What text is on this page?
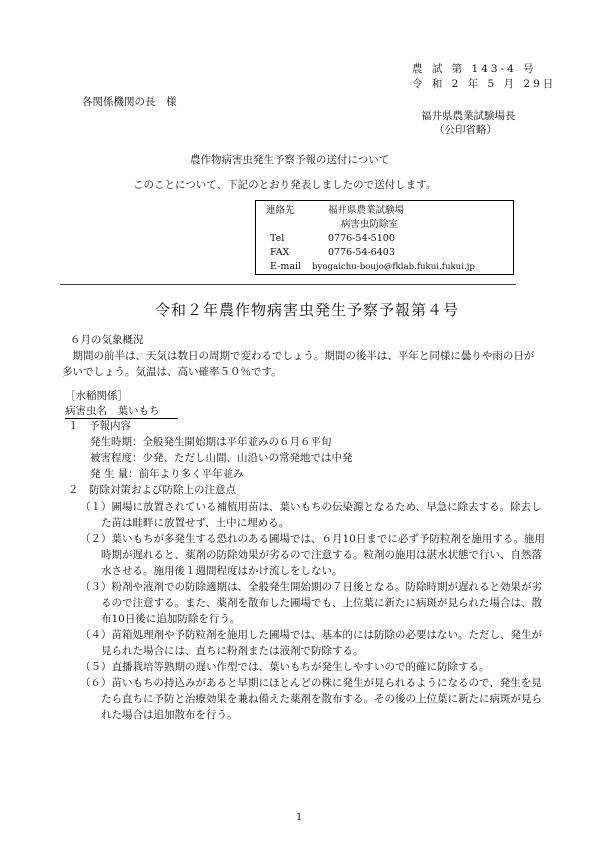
農 試 第 143-4 号
令 和 2 年 5 月 29日
各関係機関の長　様
福井県農業試験場長
（公印省略）
農作物病害虫発生予察予報の送付について
このことについて、下記のとおり発表しましたので送付します。
連絡先	福井県農業試験場
病害虫防除室
Tel	0776-54-5100
FAX	0776-54-6403
E-mail byogaichu-boujo@fklab.fukui.fukui.jp
令和２年農作物病害虫発生予察予報第４号
６月の気象概況
　期間の前半は、天気は数日の周期で変わるでしょう。期間の後半は、平年と同様に曇りや雨の日が
多いでしょう。気温は、高い確率５０％です。
［水稲関係］
病害虫名　葉いもち
１　予報内容
発生時期：全般発生開始期は平年並みの６月６平旬
被害程度：少発、ただし山間、山沿いの常発地では中発
発 生 量：前年より多く平年並み
２　防除対策および防除上の注意点
（１）圃場に放置されている補植用苗は、葉いもちの伝染源となるため、早急に除去する。除去し
　　た苗は畦畔に放置せず、土中に埋める。
（２）葉いもちが多発生する恐れのある圃場では、６月10日までに必ず予防粒剤を施用する。施用
　　時期が遅れると、薬剤の防除効果が劣るので注意する。粒剤の施用は湛水状態で行い、自然落
　　水させる。施用後１週間程度はかけ流しをしない。
（３）粉剤や液剤での防除適期は、全般発生開始期の７日後となる。防除時期が遅れると効果が劣
　　るので注意する。また、薬剤を散布した圃場でも、上位葉に新たに病斑が見られた場合は、散
　　布10日後に追加防除を行う。
（４）苗箱処理剤や予防粒剤を施用した圃場では、基本的には防除の必要はない。ただし、発生が
　　見られた場合には、直ちに粉剤または液剤で防除する。
（５）直播栽培等熟期の遅い作型では、葉いもちが発生しやすいので的確に防除する。
（６）苗いもちの持込みがあると早期にほとんどの株に発生が見られるようになるので、発生を見
　　たら直ちに予防と治療効果を兼ね備えた薬剤を散布する。その後の上位葉に新たに病斑が見ら
　　れた場合は追加散布を行う。
1
